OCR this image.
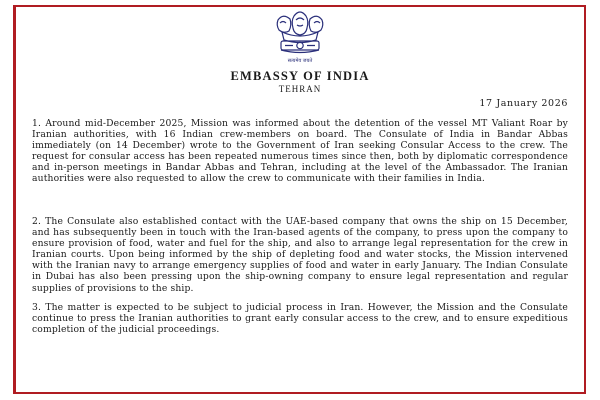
सत्यमेव जयते
EMBASSY OF INDIA
TEHRAN
17 January 2026

1. Around mid-December 2025, Mission was informed about the detention of the vessel MT Valiant Roar by Iranian authorities, with 16 Indian crew-members on board. The Consulate of India in Bandar Abbas immediately (on 14 December) wrote to the Government of Iran seeking Consular Access to the crew. The request for consular access has been repeated numerous times since then, both by diplomatic correspondence and in-person meetings in Bandar Abbas and Tehran, including at the level of the Ambassador. The Iranian authorities were also requested to allow the crew to communicate with their families in India.

2. The Consulate also established contact with the UAE-based company that owns the ship on 15 December, and has subsequently been in touch with the Iran-based agents of the company, to press upon the company to ensure provision of food, water and fuel for the ship, and also to arrange legal representation for the crew in Iranian courts. Upon being informed by the ship of depleting food and water stocks, the Mission intervened with the Iranian navy to arrange emergency supplies of food and water in early January. The Indian Consulate in Dubai has also been pressing upon the ship-owning company to ensure legal representation and regular supplies of provisions to the ship.

3. The matter is expected to be subject to judicial process in Iran. However, the Mission and the Consulate continue to press the Iranian authorities to grant early consular access to the crew, and to ensure expeditious completion of the judicial proceedings.
